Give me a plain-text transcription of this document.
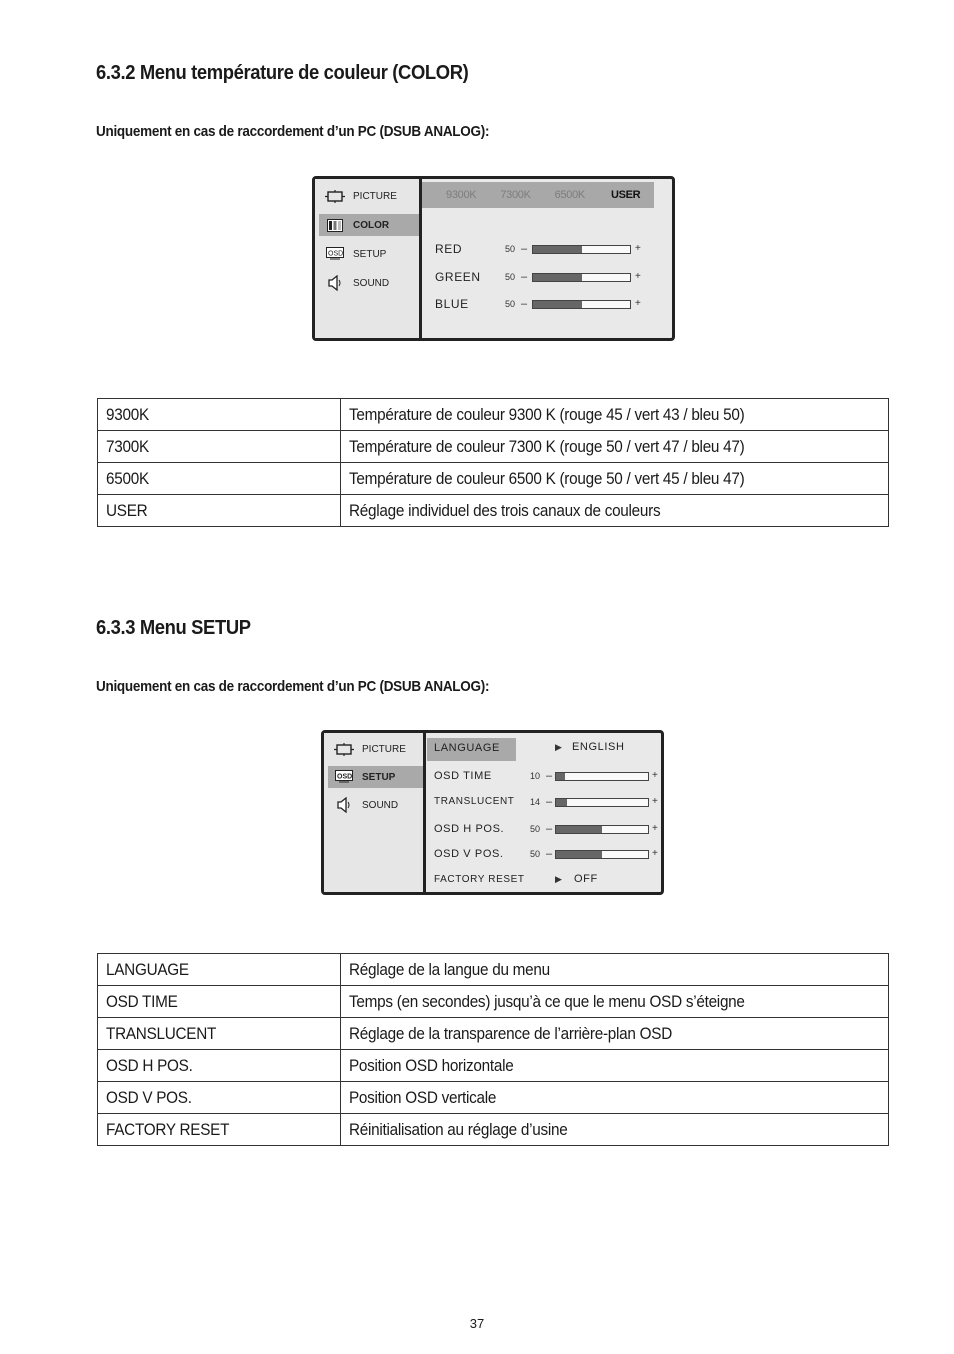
6.3.2 Menu température de couleur (COLOR)
Uniquement en cas de raccordement d’un PC (DSUB ANALOG):
PICTURE
COLOR
OSD SETUP
SOUND
9300K 7300K 6500K USER
RED	50 –	+
GREEN	50 –	+
BLUE	50 –	+
9300K	Température de couleur 9300 K (rouge 45 / vert 43 / bleu 50)
7300K	Température de couleur 7300 K (rouge 50 / vert 47 / bleu 47)
6500K	Température de couleur 6500 K (rouge 50 / vert 45 / bleu 47)
USER	Réglage individuel des trois canaux de couleurs
6.3.3 Menu SETUP
Uniquement en cas de raccordement d’un PC (DSUB ANALOG):
PICTURE
OSD SETUP
SOUND
LANGUAGE	▶ ENGLISH
OSD TIME	10 –	+
TRANSLUCENT 14 –	+
OSD H POS.	50 –	+
OSD V POS.	50 –	+
FACTORY RESET	▶ OFF
LANGUAGE	Réglage de la langue du menu
OSD TIME	Temps (en secondes) jusqu’à ce que le menu OSD s’éteigne
TRANSLUCENT	Réglage de la transparence de l’arrière-plan OSD
OSD H POS.	Position OSD horizontale
OSD V POS.	Position OSD verticale
FACTORY RESET	Réinitialisation au réglage d’usine
37
